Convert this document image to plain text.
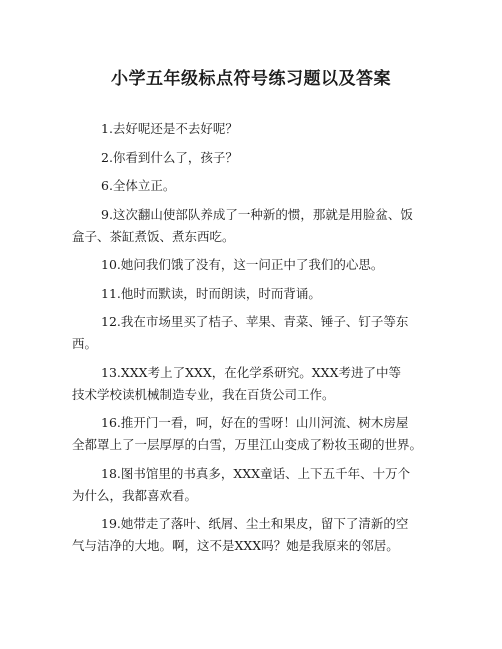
小学五年级标点符号练习题以及答案
1.去好呢还是不去好呢？
2.你看到什么了，孩子？
6.全体立正。
9.这次翻山使部队养成了一种新的惯，那就是用脸盆、饭
盒子、茶缸煮饭、煮东西吃。
10.她问我们饿了没有，这一问正中了我们的心思。
11.他时而默读，时而朗读，时而背诵。
12.我在市场里买了桔子、苹果、青菜、锤子、钉子等东
西。
13.XXX考上了XXX，在化学系研究。XXX考进了中等
技术学校读机械制造专业，我在百货公司工作。
16.推开门一看，呵，好在的雪呀！山川河流、树木房屋
全都罩上了一层厚厚的白雪，万里江山变成了粉妆玉砌的世界。
18.图书馆里的书真多，XXX童话、上下五千年、十万个
为什么，我都喜欢看。
19.她带走了落叶、纸屑、尘土和果皮，留下了清新的空
气与洁净的大地。啊，这不是XXX吗？她是我原来的邻居。
